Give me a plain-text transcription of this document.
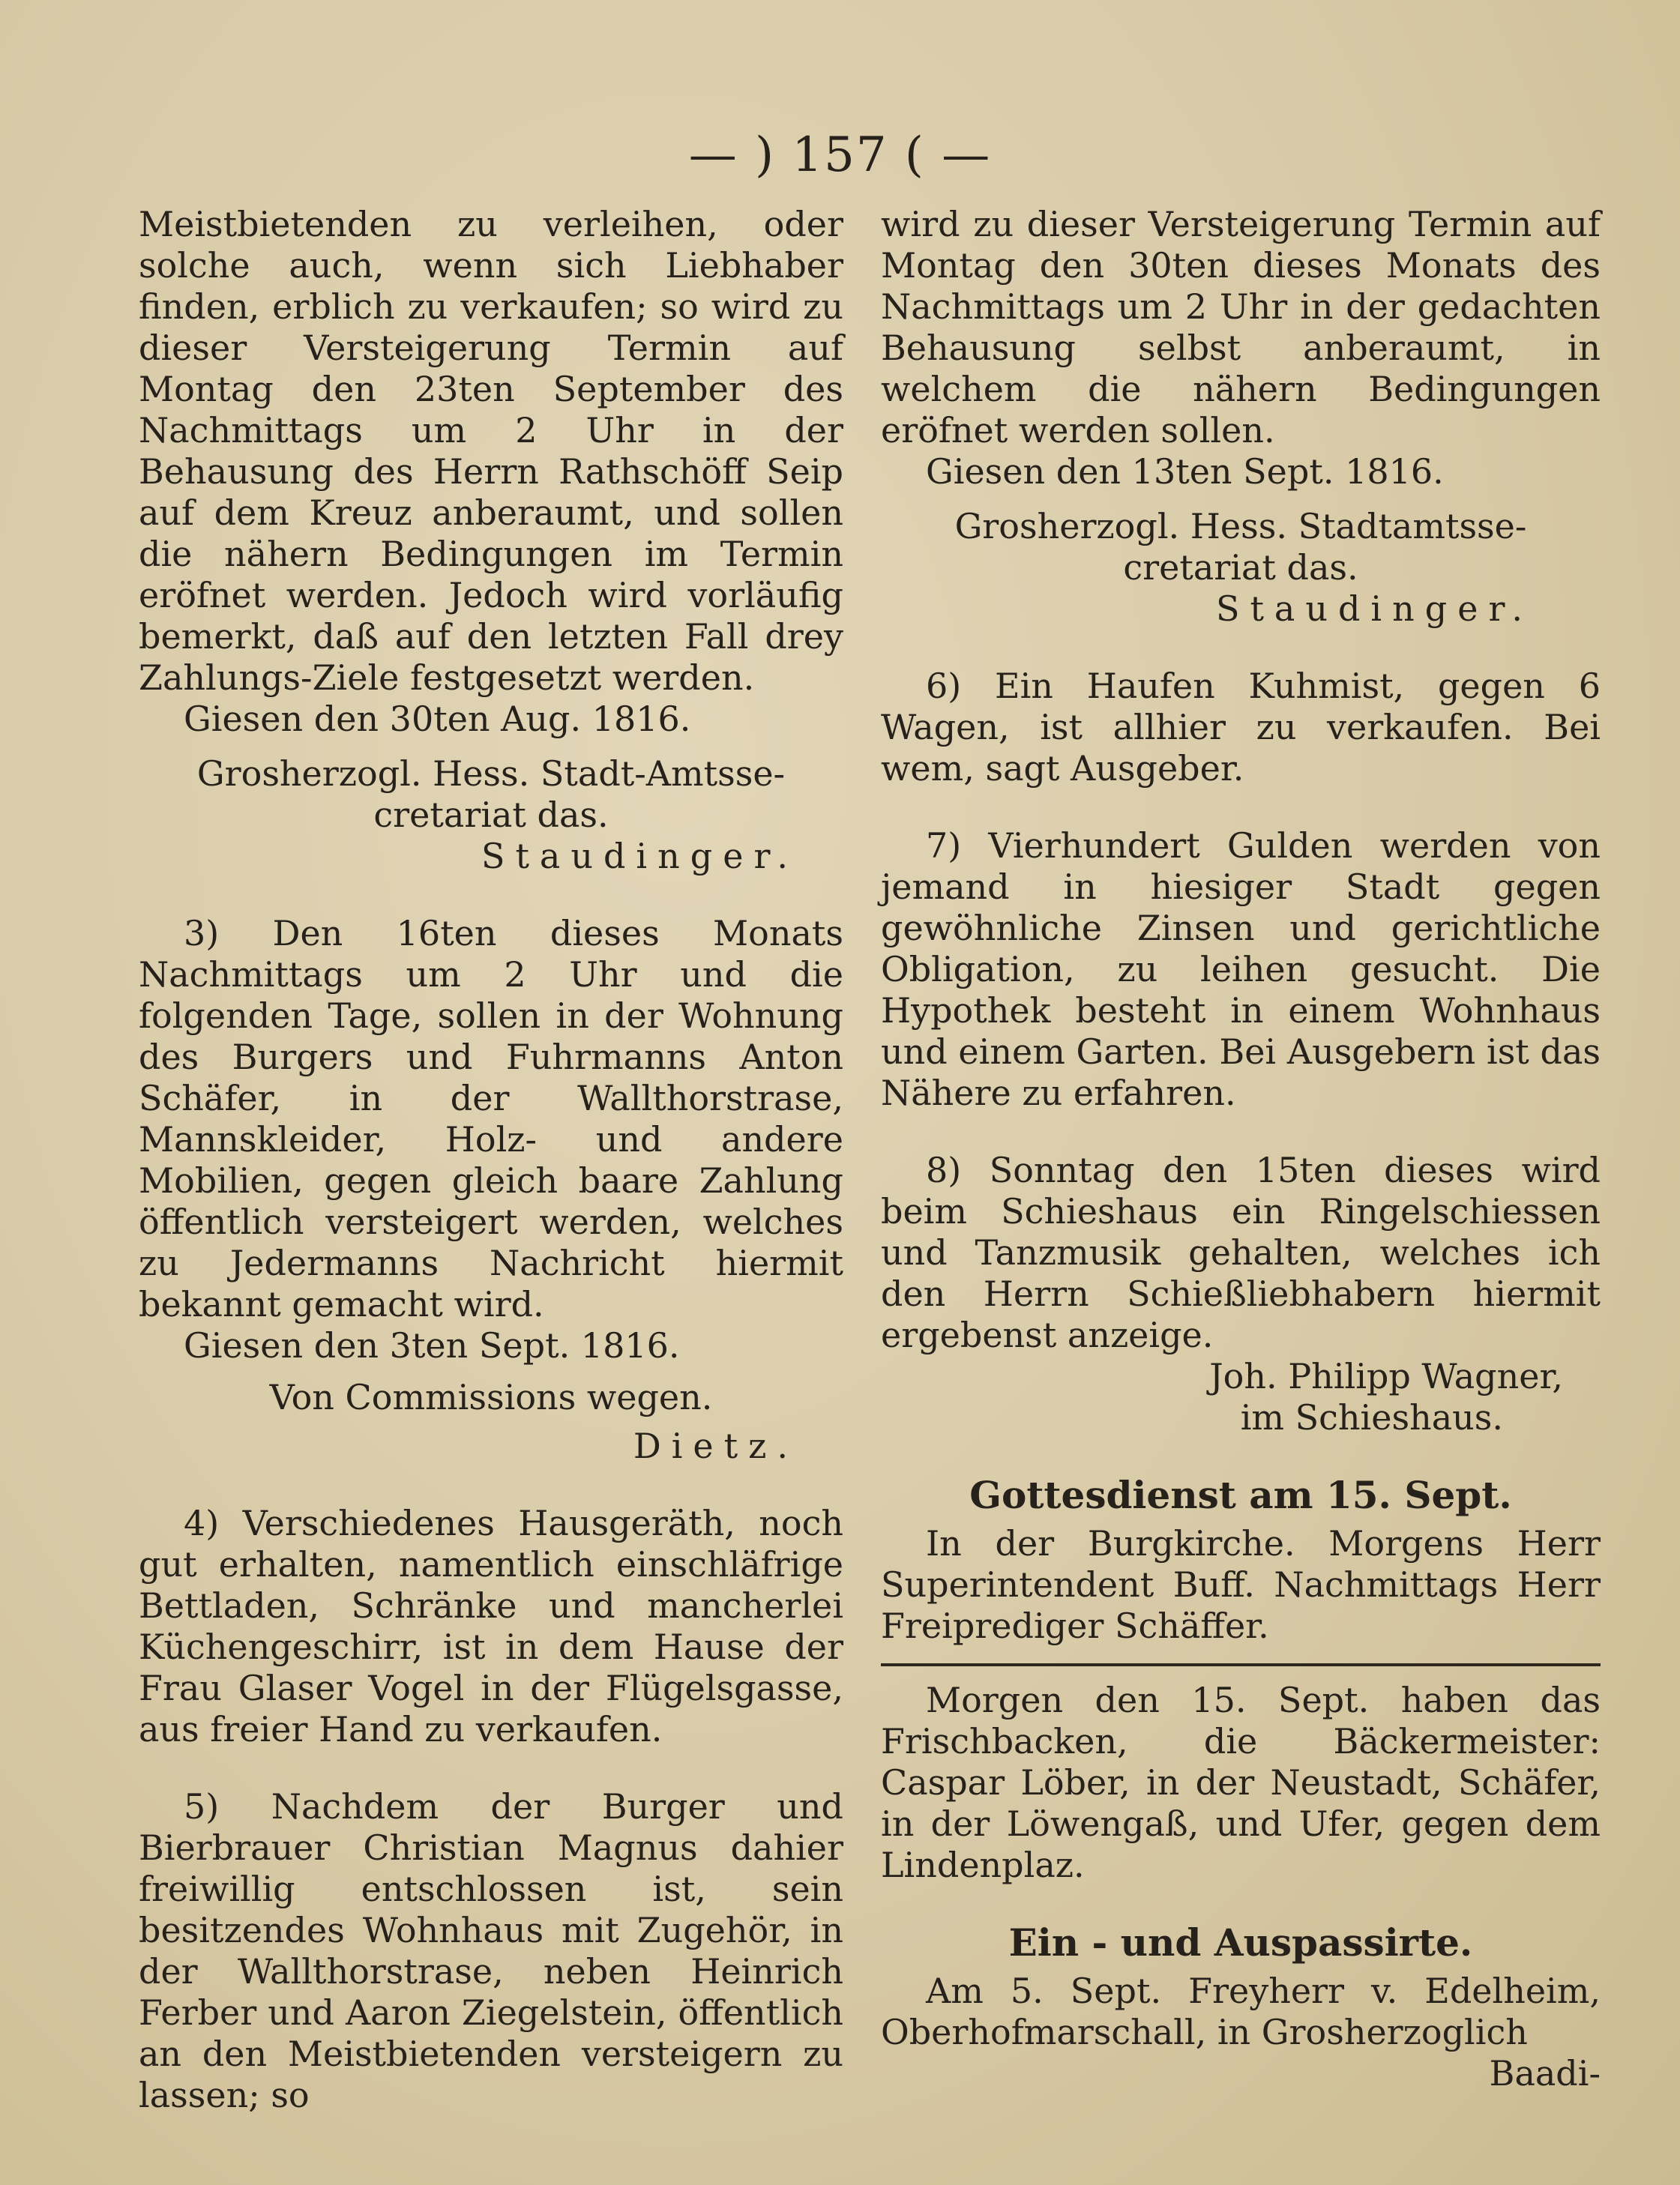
— ) 157 ( —

Meistbietenden zu verleihen, oder solche auch, wenn sich Liebhaber finden, erblich zu verkaufen; so wird zu dieser Versteigerung Termin auf Montag den 23ten September des Nachmittags um 2 Uhr in der Behausung des Herrn Rathschöff Seip auf dem Kreuz anberaumt, und sollen die nähern Bedingungen im Termin eröfnet werden. Jedoch wird vorläufig bemerkt, daß auf den letzten Fall drey Zahlungs-Ziele festgesetzt werden.

Giesen den 30ten Aug. 1816.

Grosherzogl. Hess. Stadt-Amtsse-

cretariat das.

Staudinger.

3) Den 16ten dieses Monats Nachmittags um 2 Uhr und die folgenden Tage, sollen in der Wohnung des Burgers und Fuhrmanns Anton Schäfer, in der Wallthorstrase, Mannskleider, Holz- und andere Mobilien, gegen gleich baare Zahlung öffentlich versteigert werden, welches zu Jedermanns Nachricht hiermit bekannt gemacht wird.

Giesen den 3ten Sept. 1816.

Von Commissions wegen.

Dietz.

4) Verschiedenes Hausgeräth, noch gut erhalten, namentlich einschläfrige Bettladen, Schränke und mancherlei Küchengeschirr, ist in dem Hause der Frau Glaser Vogel in der Flügelsgasse, aus freier Hand zu verkaufen.

5) Nachdem der Burger und Bierbrauer Christian Magnus dahier freiwillig entschlossen ist, sein besitzendes Wohnhaus mit Zugehör, in der Wallthorstrase, neben Heinrich Ferber und Aaron Ziegelstein, öffentlich an den Meistbietenden versteigern zu lassen; so

wird zu dieser Versteigerung Termin auf Montag den 30ten dieses Monats des Nachmittags um 2 Uhr in der gedachten Behausung selbst anberaumt, in welchem die nähern Bedingungen eröfnet werden sollen.

Giesen den 13ten Sept. 1816.

Grosherzogl. Hess. Stadtamtsse-

cretariat das.

Staudinger.

6) Ein Haufen Kuhmist, gegen 6 Wagen, ist allhier zu verkaufen. Bei wem, sagt Ausgeber.

7) Vierhundert Gulden werden von jemand in hiesiger Stadt gegen gewöhnliche Zinsen und gerichtliche Obligation, zu leihen gesucht. Die Hypothek besteht in einem Wohnhaus und einem Garten. Bei Ausgebern ist das Nähere zu erfahren.

8) Sonntag den 15ten dieses wird beim Schieshaus ein Ringelschiessen und Tanzmusik gehalten, welches ich den Herrn Schießliebhabern hiermit ergebenst anzeige.

Joh. Philipp Wagner,

im Schieshaus.

Gottesdienst am 15. Sept.

In der Burgkirche. Morgens Herr Superintendent Buff. Nachmittags Herr Freiprediger Schäffer.

Morgen den 15. Sept. haben das Frischbacken, die Bäckermeister: Caspar Löber, in der Neustadt, Schäfer, in der Löwengaß, und Ufer, gegen dem Lindenplaz.

Ein - und Auspassirte.

Am 5. Sept. Freyherr v. Edelheim, Oberhofmarschall, in Grosherzoglich

Baadi-
